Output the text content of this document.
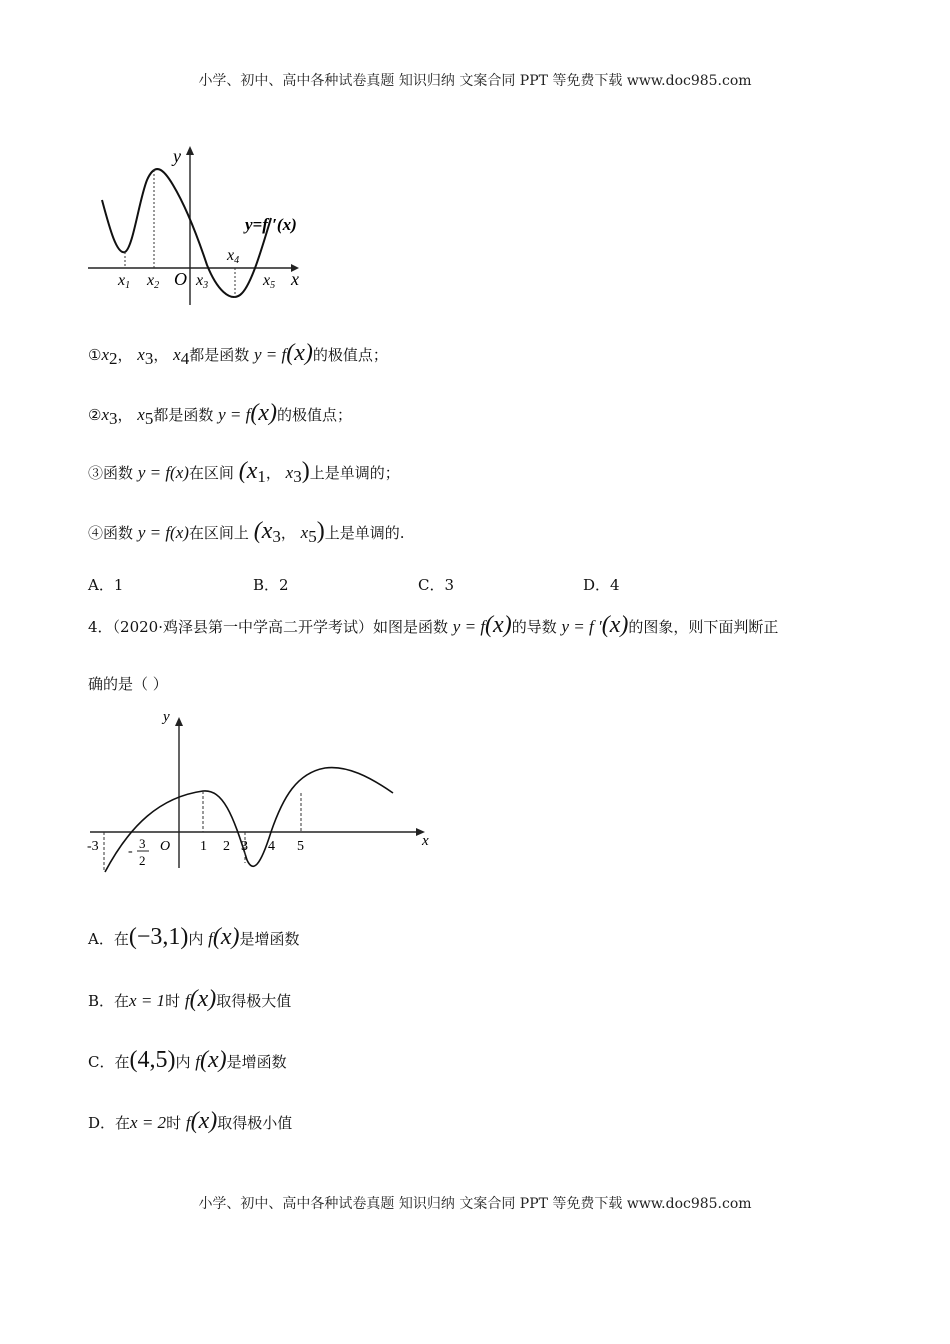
小学、初中、高中各种试卷真题 知识归纳 文案合同 PPT 等免费下载 www.doc985.com
y
y=f ′(x)
O	x
x1 x2 x3
x4
x5
$①x_2$， $x_3$， $x_4$都是函数 y = f(x)的极值点；
$②x_3$， $x_5$都是函数 y = f(x)的极值点；
③函数 y = f(x)在区间 ($x_1$， $x_3$)上是单调的；
④函数 y = f(x)在区间上 ($x_3$， $x_5$)上是单调的.
A．1	B．2	C．3	D．4
4．（2020·鸡泽县第一中学高二开学考试）如图是函数 y = f(x)的导数 y = f ′(x)的图象，则下面判断正
确的是（ ）
y
x
O
-3 -
3
2
1 2 3 4 5
A．在(−3,1)内 f(x)是增函数
B．在x = 1时 f(x)取得极大值
C．在(4,5)内 f(x)是增函数
D．在x = 2时 f(x)取得极小值
小学、初中、高中各种试卷真题 知识归纳 文案合同 PPT 等免费下载 www.doc985.com
